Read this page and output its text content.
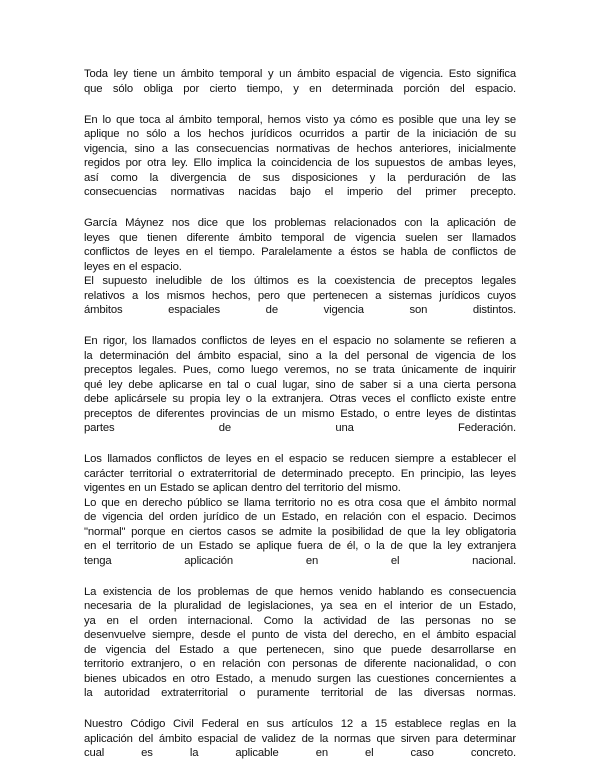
Toda ley tiene un ámbito temporal y un ámbito espacial de vigencia. Esto significa
que sólo obliga por cierto tiempo, y en determinada porción del espacio.

En lo que toca al ámbito temporal, hemos visto ya cómo es posible que una ley se
aplique no sólo a los hechos jurídicos ocurridos a partir de la iniciación de su
vigencia, sino a las consecuencias normativas de hechos anteriores, inicialmente
regidos por otra ley. Ello implica la coincidencia de los supuestos de ambas leyes,
así como la divergencia de sus disposiciones y la perduración de las
consecuencias normativas nacidas bajo el imperio del primer precepto.

García Máynez nos dice que los problemas relacionados con la aplicación de
leyes que tienen diferente ámbito temporal de vigencia suelen ser llamados
conflictos de leyes en el tiempo. Paralelamente a éstos se habla de conflictos de
leyes en el espacio.
El supuesto ineludible de los últimos es la coexistencia de preceptos legales
relativos a los mismos hechos, pero que pertenecen a sistemas jurídicos cuyos
ámbitos espaciales de vigencia son distintos.

En rigor, los llamados conflictos de leyes en el espacio no solamente se refieren a
la determinación del ámbito espacial, sino a la del personal de vigencia de los
preceptos legales. Pues, como luego veremos, no se trata únicamente de inquirir
qué ley debe aplicarse en tal o cual lugar, sino de saber si a una cierta persona
debe aplicársele su propia ley o la extranjera. Otras veces el conflicto existe entre
preceptos de diferentes provincias de un mismo Estado, o entre leyes de distintas
partes de una Federación.

Los llamados conflictos de leyes en el espacio se reducen siempre a establecer el
carácter territorial o extraterritorial de determinado precepto. En principio, las leyes
vigentes en un Estado se aplican dentro del territorio del mismo.
Lo que en derecho público se llama territorio no es otra cosa que el ámbito normal
de vigencia del orden jurídico de un Estado, en relación con el espacio. Decimos
"normal" porque en ciertos casos se admite la posibilidad de que la ley obligatoria
en el territorio de un Estado se aplique fuera de él, o la de que la ley extranjera
tenga aplicación en el nacional.

La existencia de los problemas de que hemos venido hablando es consecuencia
necesaria de la pluralidad de legislaciones, ya sea en el interior de un Estado,
ya en el orden internacional. Como la actividad de las personas no se
desenvuelve siempre, desde el punto de vista del derecho, en el ámbito espacial
de vigencia del Estado a que pertenecen, sino que puede desarrollarse en
territorio extranjero, o en relación con personas de diferente nacionalidad, o con
bienes ubicados en otro Estado, a menudo surgen las cuestiones concernientes a
la autoridad extraterritorial o puramente territorial de las diversas normas.

Nuestro Código Civil Federal en sus artículos 12 a 15 establece reglas en la
aplicación del ámbito espacial de validez de la normas que sirven para determinar
cual es la aplicable en el caso concreto.
